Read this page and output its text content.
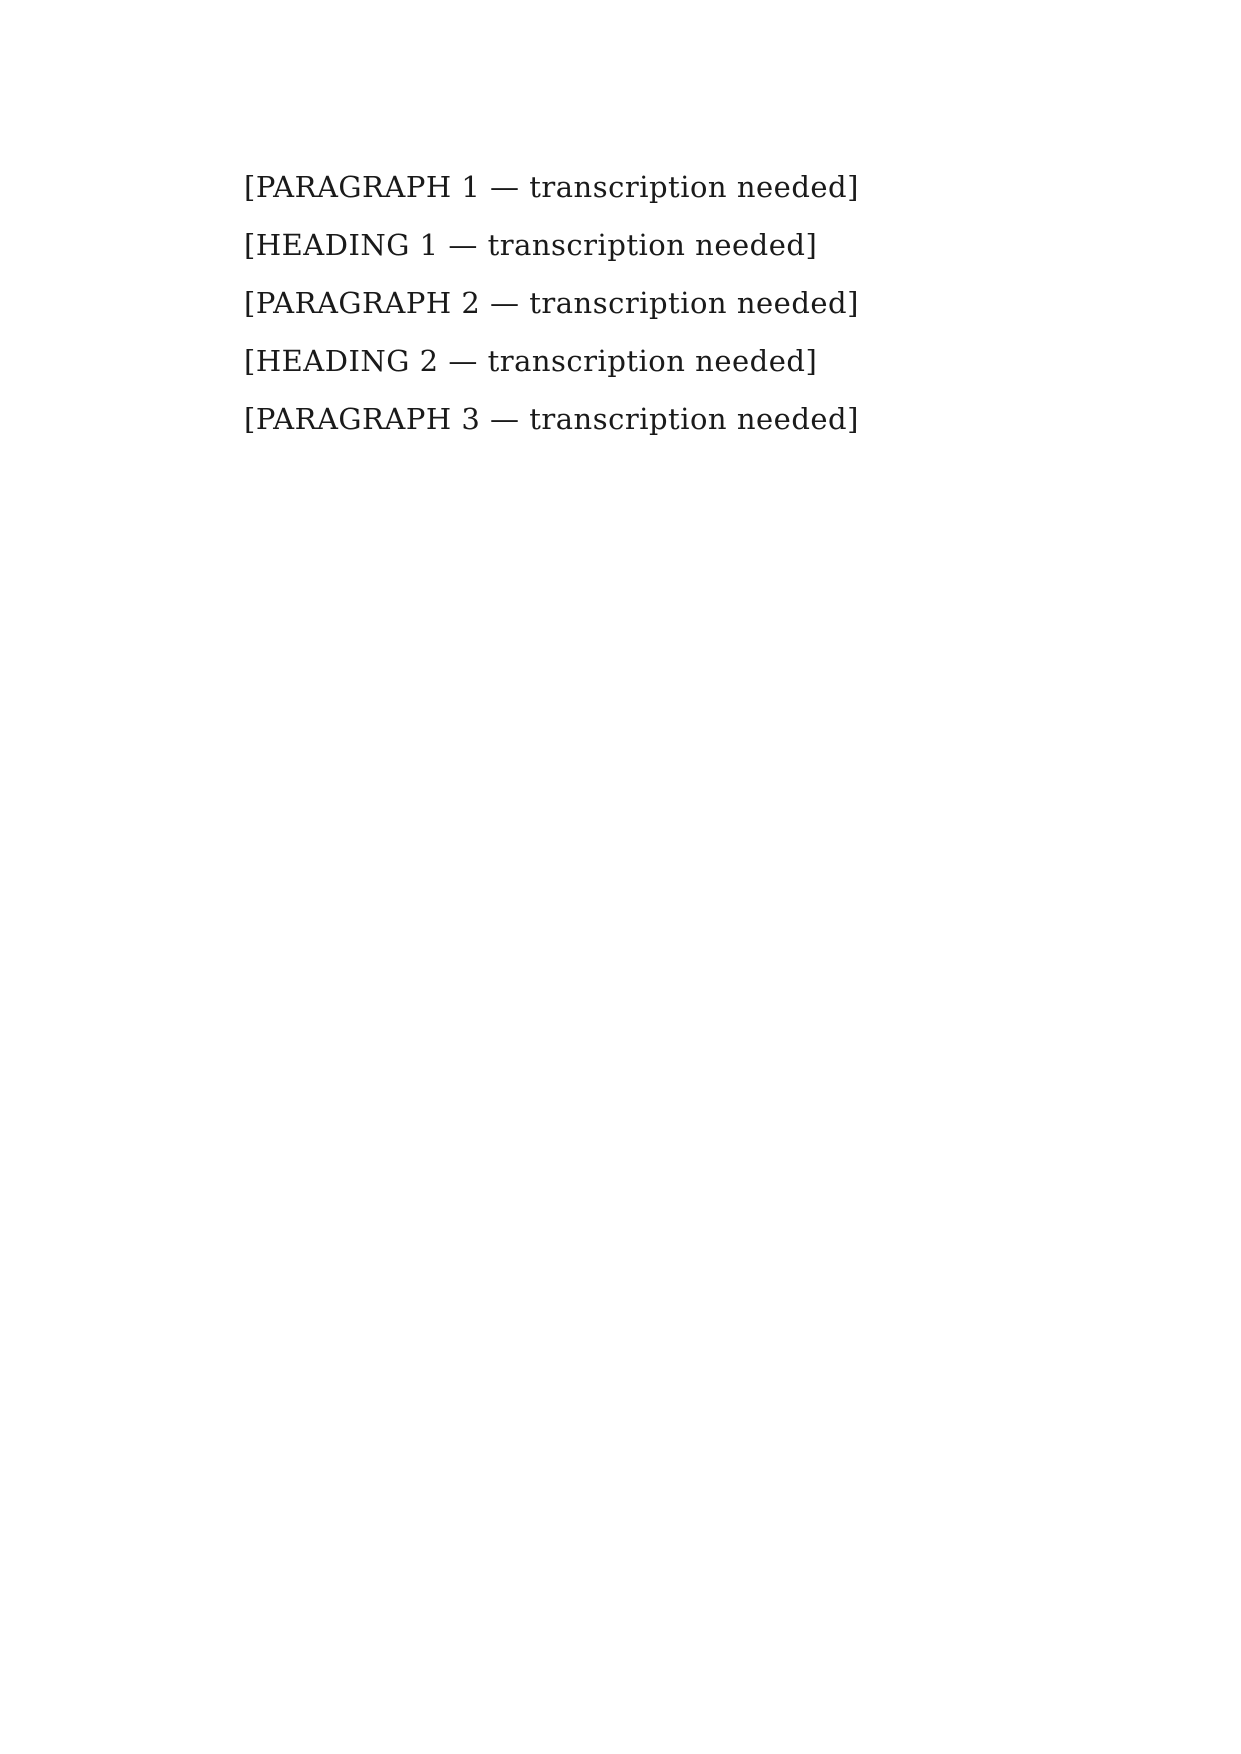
[PARAGRAPH 1 — transcription needed]

[HEADING 1 — transcription needed]

[PARAGRAPH 2 — transcription needed]

[HEADING 2 — transcription needed]

[PARAGRAPH 3 — transcription needed]
